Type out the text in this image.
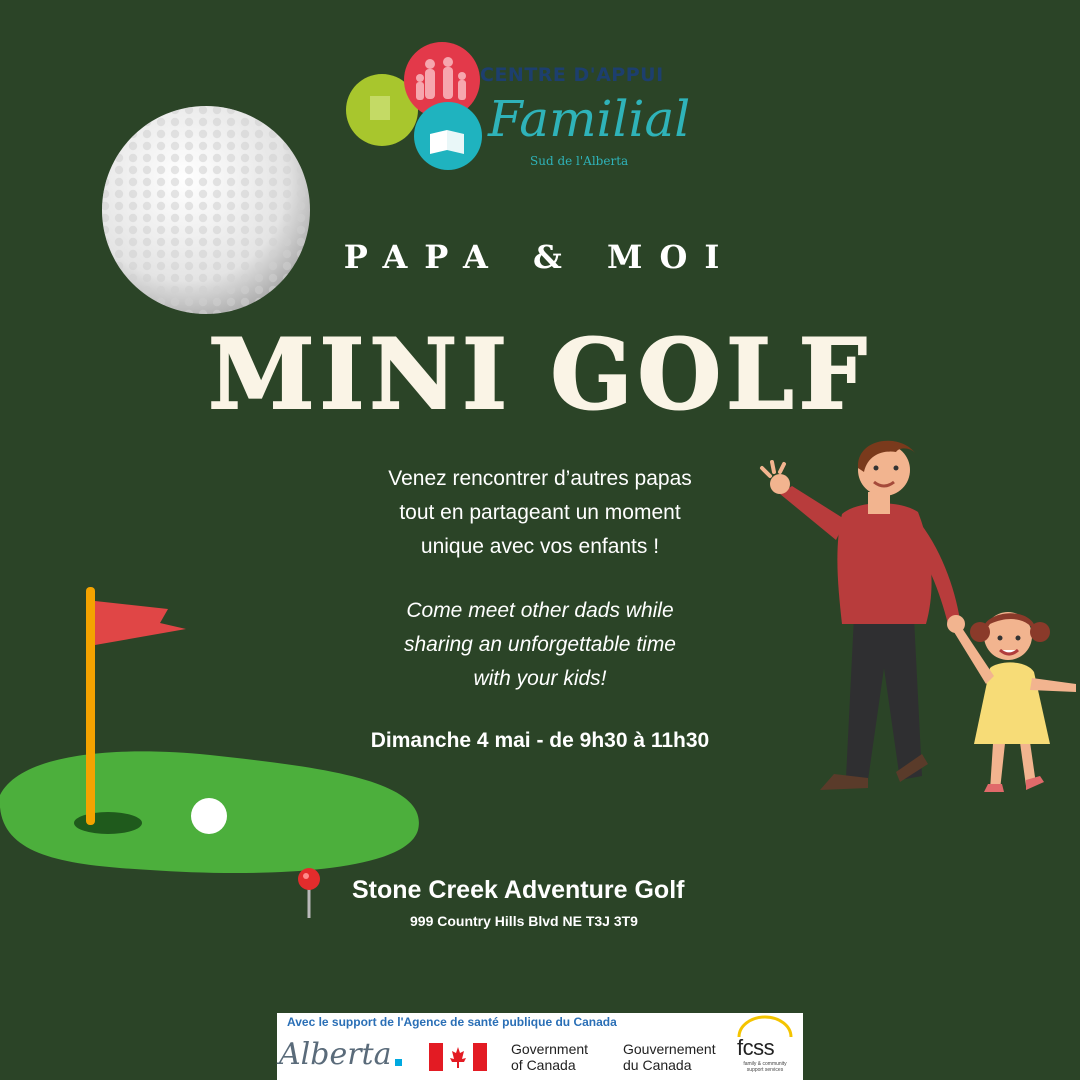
CENTRE D'APPUI
Familial
Sud de l'Alberta
PAPA & MOI
MINI GOLF
Venez rencontrer d’autres papas
tout en partageant un moment
unique avec vos enfants !
Come meet other dads while
sharing an unforgettable time
with your kids!
Dimanche 4 mai - de 9h30 à 11h30
Stone Creek Adventure Golf
999 Country Hills Blvd NE T3J 3T9
Avec le support de l'Agence de santé publique du Canada
Alberta	Government
of Canada
Gouvernement
du Canada
fcss
family & community support services
